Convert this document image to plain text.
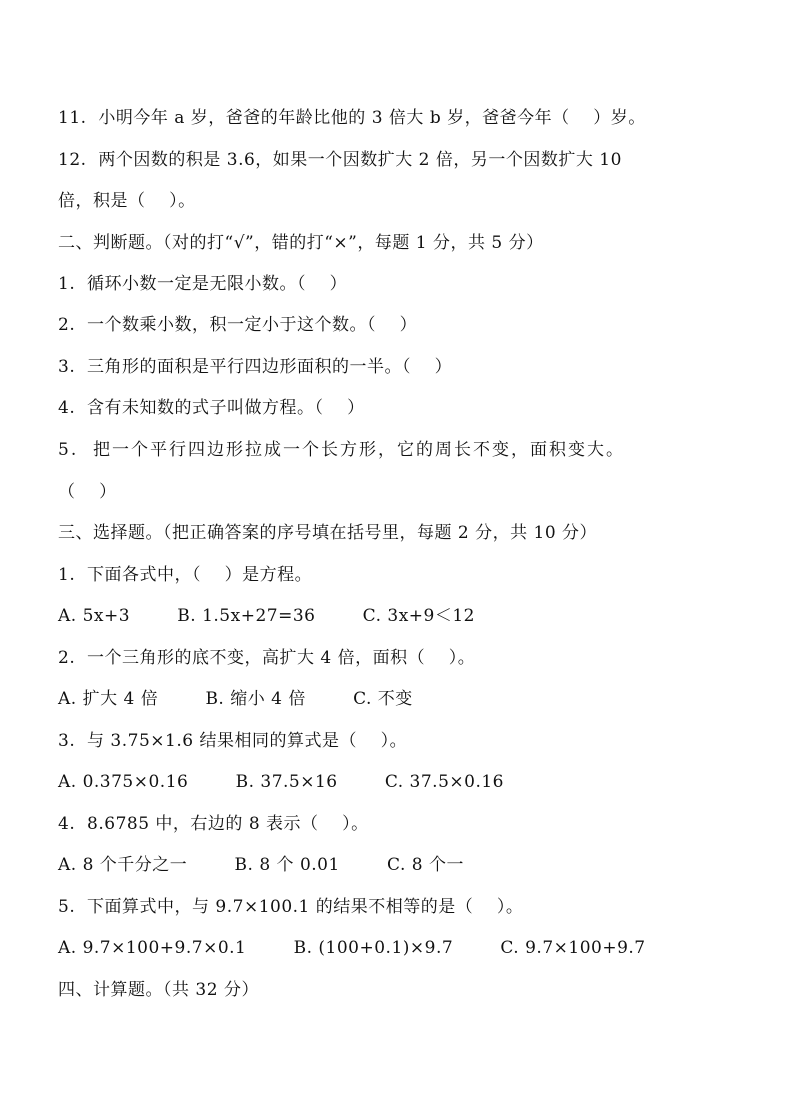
11.  小明今年 a 岁，爸爸的年龄比他的 3 倍大 b 岁，爸爸今年（    ）岁。
12.  两个因数的积是 3.6，如果一个因数扩大 2 倍，另一个因数扩大 10
倍，积是（    ）。
二、判断题。（对的打“√”，错的打“×”，每题 1 分，共 5 分）
1.  循环小数一定是无限小数。（    ）
2.  一个数乘小数，积一定小于这个数。（    ）
3.  三角形的面积是平行四边形面积的一半。（    ）
4.  含有未知数的式子叫做方程。（    ）
5.  把一个平行四边形拉成一个长方形，它的周长不变，面积变大。
（    ）
三、选择题。（把正确答案的序号填在括号里，每题 2 分，共 10 分）
1.  下面各式中，（    ）是方程。
A. 5x+3        B. 1.5x+27=36        C. 3x+9＜12
2.  一个三角形的底不变，高扩大 4 倍，面积（    ）。
A. 扩大 4 倍        B. 缩小 4 倍        C. 不变
3.  与 3.75×1.6 结果相同的算式是（    ）。
A. 0.375×0.16        B. 37.5×16        C. 37.5×0.16
4.  8.6785 中，右边的 8 表示（    ）。
A. 8 个千分之一        B. 8 个 0.01        C. 8 个一
5.  下面算式中，与 9.7×100.1 的结果不相等的是（    ）。
A. 9.7×100+9.7×0.1        B. (100+0.1)×9.7        C. 9.7×100+9.7
四、计算题。（共 32 分）
